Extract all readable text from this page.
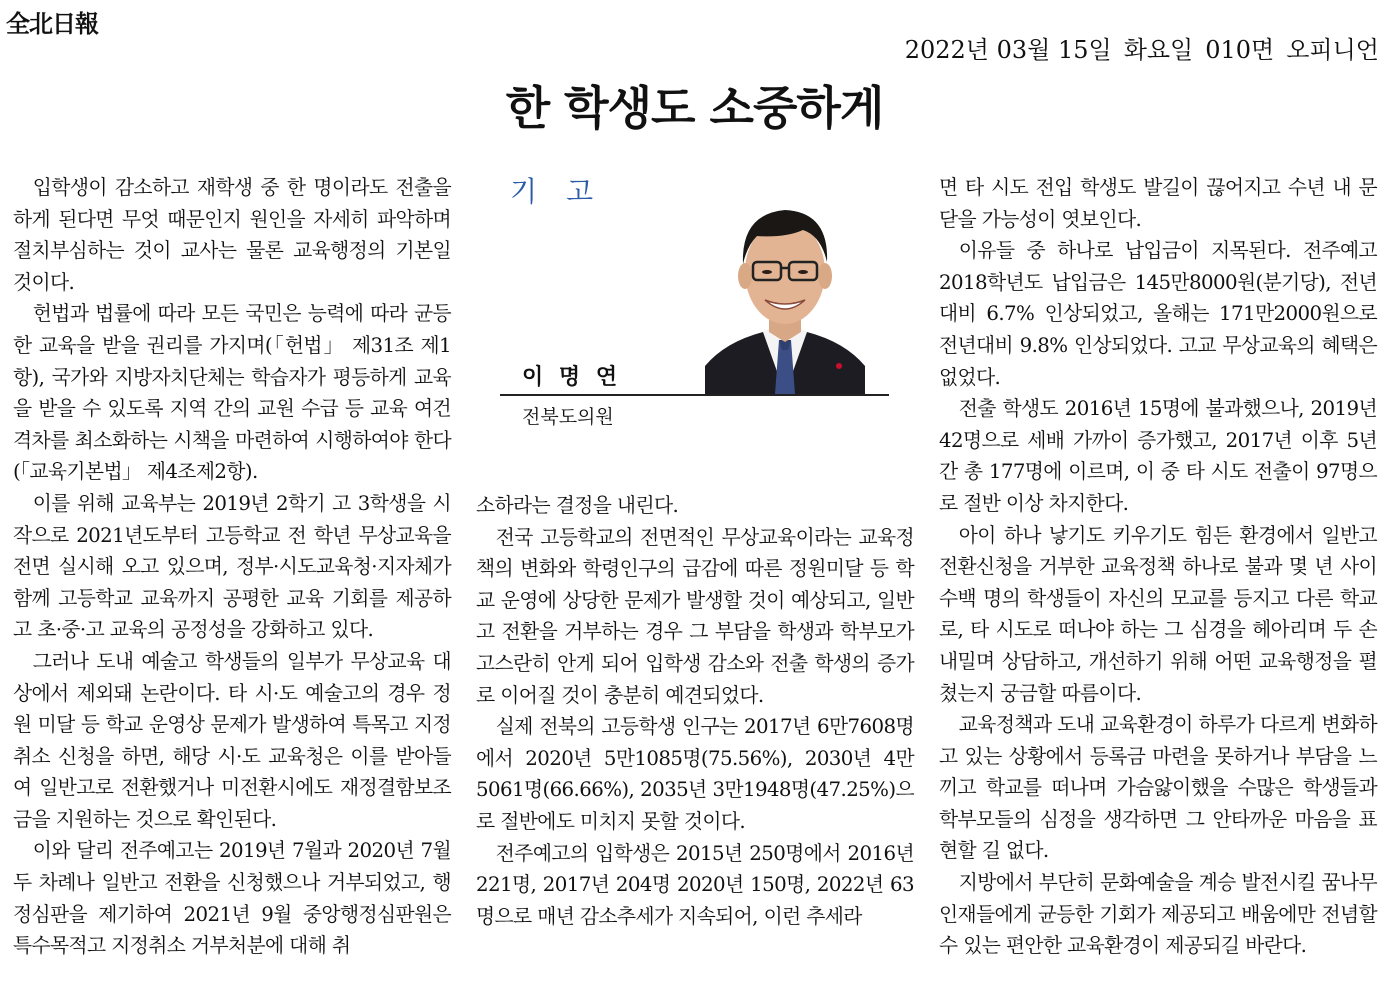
全北日報
2022년 03월 15일 화요일 010면 오피니언
한 학생도 소중하게

입학생이 감소하고 재학생 중 한 명이라도 전출을 하게 된다면 무엇 때문인지 원인을 자세히 파악하며 절치부심하는 것이 교사는 물론 교육행정의 기본일 것이다.

헌법과 법률에 따라 모든 국민은 능력에 따라 균등한 교육을 받을 권리를 가지며(「헌법」 제31조 제1항), 국가와 지방자치단체는 학습자가 평등하게 교육을 받을 수 있도록 지역 간의 교원 수급 등 교육 여건 격차를 최소화하는 시책을 마련하여 시행하여야 한다(「교육기본법」 제4조제2항).

이를 위해 교육부는 2019년 2학기 고 3학생을 시작으로 2021년도부터 고등학교 전 학년 무상교육을 전면 실시해 오고 있으며, 정부·시도교육청·지자체가 함께 고등학교 교육까지 공평한 교육 기회를 제공하고 초·중·고 교육의 공정성을 강화하고 있다.

그러나 도내 예술고 학생들의 일부가 무상교육 대상에서 제외돼 논란이다. 타 시·도 예술고의 경우 정원 미달 등 학교 운영상 문제가 발생하여 특목고 지정 취소 신청을 하면, 해당 시·도 교육청은 이를 받아들여 일반고로 전환했거나 미전환시에도 재정결함보조금을 지원하는 것으로 확인된다.

이와 달리 전주예고는 2019년 7월과 2020년 7월 두 차례나 일반고 전환을 신청했으나 거부되었고, 행정심판을 제기하여 2021년 9월 중앙행정심판원은 특수목적고 지정취소 거부처분에 대해 취

기 고
이 명 연
전북도의원

소하라는 결정을 내린다.

전국 고등학교의 전면적인 무상교육이라는 교육정책의 변화와 학령인구의 급감에 따른 정원미달 등 학교 운영에 상당한 문제가 발생할 것이 예상되고, 일반고 전환을 거부하는 경우 그 부담을 학생과 학부모가 고스란히 안게 되어 입학생 감소와 전출 학생의 증가로 이어질 것이 충분히 예견되었다.

실제 전북의 고등학생 인구는 2017년 6만7608명에서 2020년 5만1085명(75.56%), 2030년 4만5061명(66.66%), 2035년 3만1948명(47.25%)으로 절반에도 미치지 못할 것이다.

전주예고의 입학생은 2015년 250명에서 2016년 221명, 2017년 204명 2020년 150명, 2022년 63명으로 매년 감소추세가 지속되어, 이런 추세라

면 타 시도 전입 학생도 발길이 끊어지고 수년 내 문 닫을 가능성이 엿보인다.

이유들 중 하나로 납입금이 지목된다. 전주예고 2018학년도 납입금은 145만8000원(분기당), 전년 대비 6.7% 인상되었고, 올해는 171만2000원으로 전년대비 9.8% 인상되었다. 고교 무상교육의 혜택은 없었다.

전출 학생도 2016년 15명에 불과했으나, 2019년 42명으로 세배 가까이 증가했고, 2017년 이후 5년간 총 177명에 이르며, 이 중 타 시도 전출이 97명으로 절반 이상 차지한다.

아이 하나 낳기도 키우기도 힘든 환경에서 일반고 전환신청을 거부한 교육정책 하나로 불과 몇 년 사이 수백 명의 학생들이 자신의 모교를 등지고 다른 학교로, 타 시도로 떠나야 하는 그 심경을 헤아리며 두 손 내밀며 상담하고, 개선하기 위해 어떤 교육행정을 펼쳤는지 궁금할 따름이다.

교육정책과 도내 교육환경이 하루가 다르게 변화하고 있는 상황에서 등록금 마련을 못하거나 부담을 느끼고 학교를 떠나며 가슴앓이했을 수많은 학생들과 학부모들의 심정을 생각하면 그 안타까운 마음을 표현할 길 없다.

지방에서 부단히 문화예술을 계승 발전시킬 꿈나무 인재들에게 균등한 기회가 제공되고 배움에만 전념할 수 있는 편안한 교육환경이 제공되길 바란다.
